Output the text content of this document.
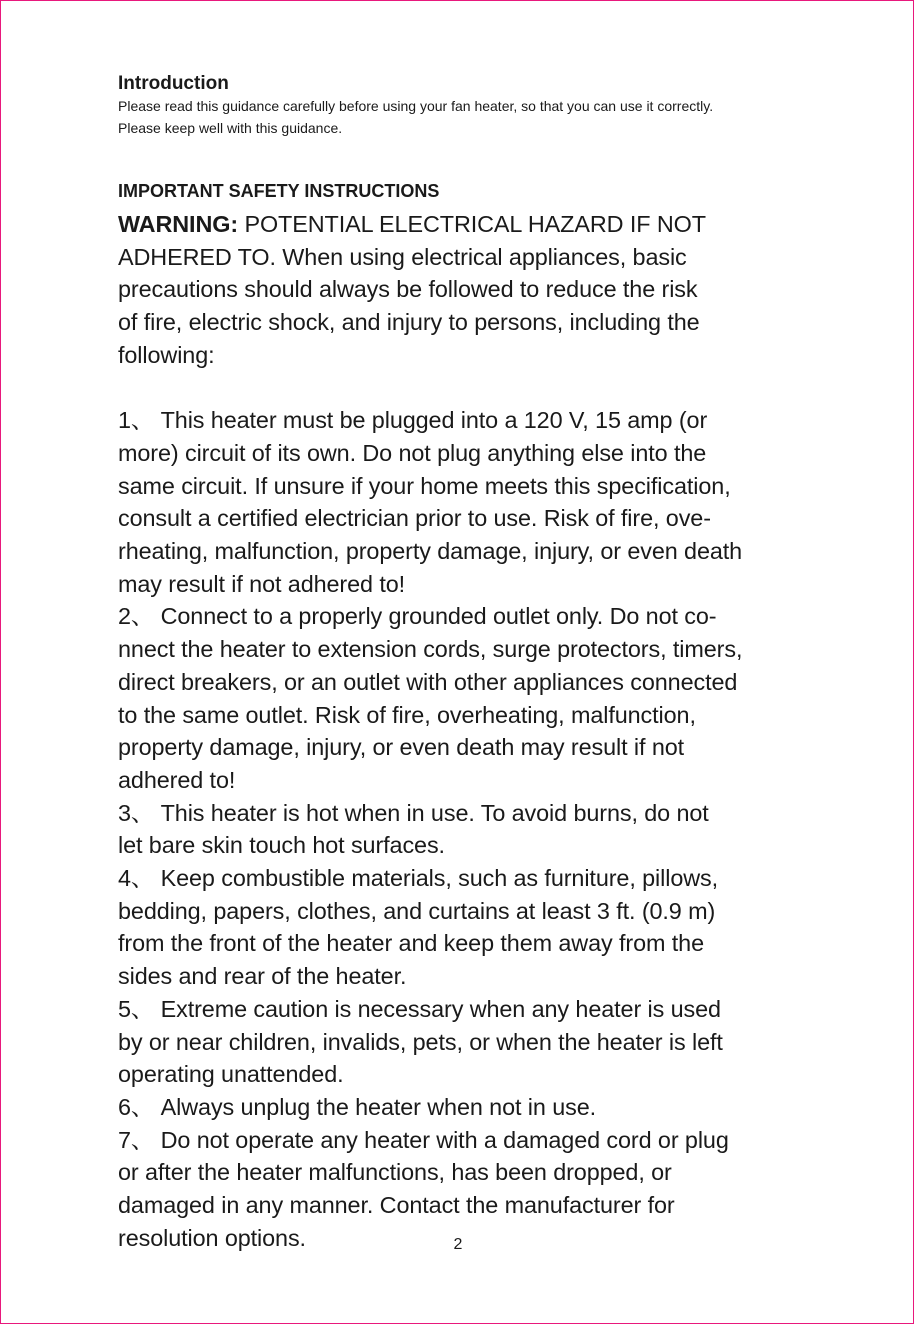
Introduction

Please read this guidance carefully before using your fan heater, so that you can use it correctly.

Please keep well with this guidance.

IMPORTANT SAFETY INSTRUCTIONS
WARNING: POTENTIAL ELECTRICAL HAZARD IF NOT
ADHERED TO. When using electrical appliances, basic
precautions should always be followed to reduce the risk
of fire, electric shock, and injury to persons, including the
following:
1、 This heater must be plugged into a 120 V, 15 amp (or
more) circuit of its own. Do not plug anything else into the
same circuit. If unsure if your home meets this specification,
consult a certified electrician prior to use. Risk of fire, ove-
rheating, malfunction, property damage, injury, or even death
may result if not adhered to!
2、 Connect to a properly grounded outlet only. Do not co-
nnect the heater to extension cords, surge protectors, timers,
direct breakers, or an outlet with other appliances connected
to the same outlet. Risk of fire, overheating, malfunction,
property damage, injury, or even death may result if not
adhered to!
3、 This heater is hot when in use. To avoid burns, do not
let bare skin touch hot surfaces.
4、 Keep combustible materials, such as furniture, pillows,
bedding, papers, clothes, and curtains at least 3 ft. (0.9 m)
from the front of the heater and keep them away from the
sides and rear of the heater.
5、 Extreme caution is necessary when any heater is used
by or near children, invalids, pets, or when the heater is left
operating unattended.
6、 Always unplug the heater when not in use.
7、 Do not operate any heater with a damaged cord or plug
or after the heater malfunctions, has been dropped, or
damaged in any manner. Contact the manufacturer for
resolution options.	2
